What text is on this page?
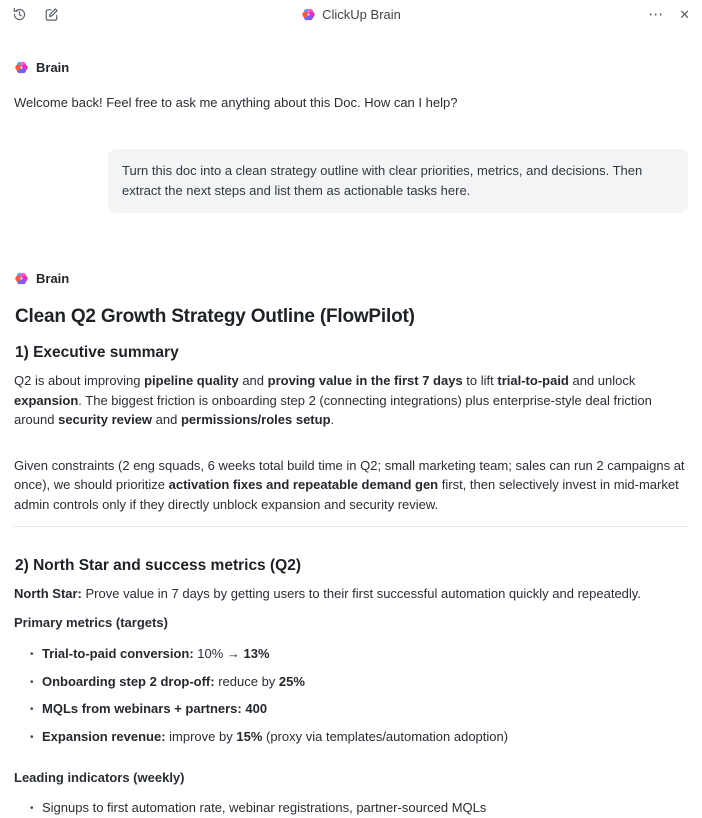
ClickUp Brain	⋯ ✕
Brain

Welcome back! Feel free to ask me anything about this Doc. How can I help?

Turn this doc into a clean strategy outline with clear priorities, metrics, and decisions. Then extract the next steps and list them as actionable tasks here.
Brain
Clean Q2 Growth Strategy Outline (FlowPilot)
1) Executive summary

Q2 is about improving pipeline quality and proving value in the first 7 days to lift trial-to-paid and unlock expansion. The biggest friction is onboarding step 2 (connecting integrations) plus enterprise-style deal friction around security review and permissions/roles setup.

Given constraints (2 eng squads, 6 weeks total build time in Q2; small marketing team; sales can run 2 campaigns at once), we should prioritize activation fixes and repeatable demand gen first, then selectively invest in mid-market admin controls only if they directly unblock expansion and security review.

2) North Star and success metrics (Q2)

North Star: Prove value in 7 days by getting users to their first successful automation quickly and repeatedly.

Primary metrics (targets)

• Trial-to-paid conversion: 10% → 13%
• Onboarding step 2 drop-off: reduce by 25%
• MQLs from webinars + partners: 400
• Expansion revenue: improve by 15% (proxy via templates/automation adoption)

Leading indicators (weekly)

• Signups to first automation rate, webinar registrations, partner-sourced MQLs
